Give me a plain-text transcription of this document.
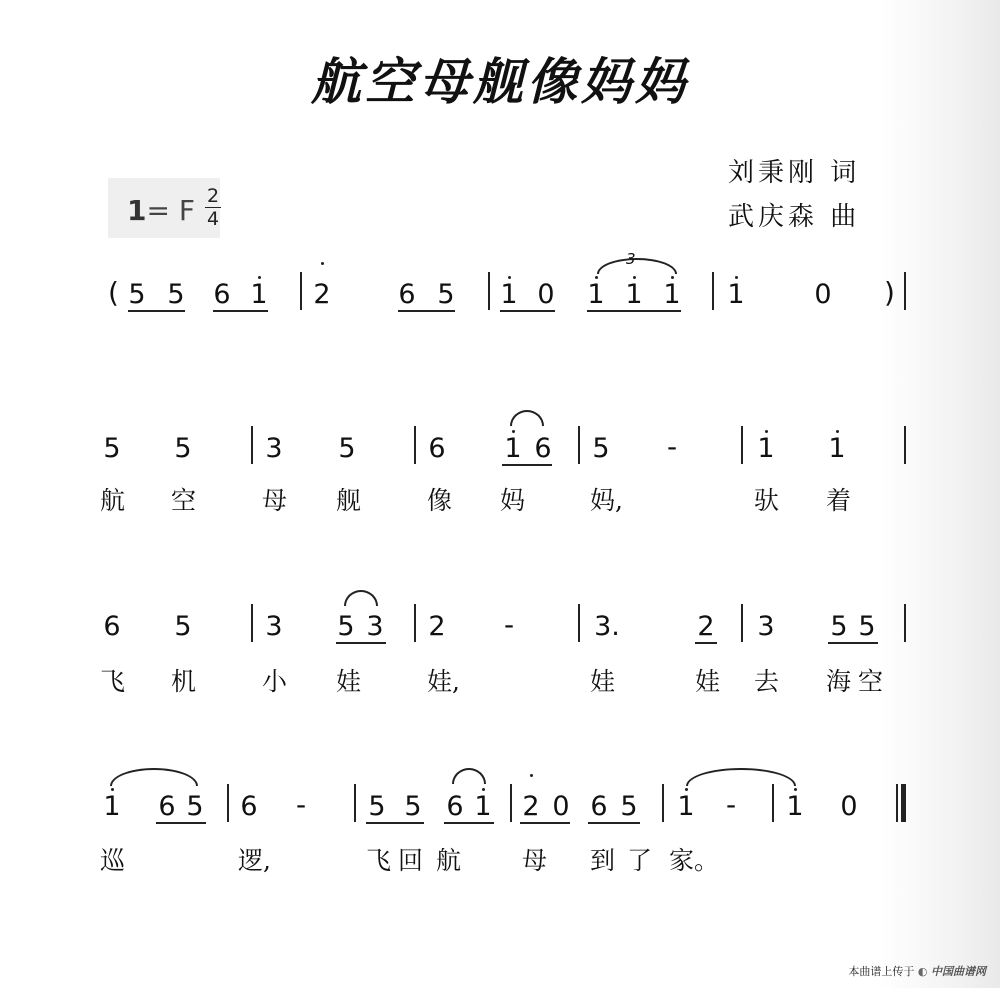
航空母舰像妈妈
刘秉刚 词
武庆森 曲
1= F 2
4
( 5 5 6 1 2	6 5 1 0 1 1 1
3
1	0 )
5 5	3 5	6 1 6 5 -	1 1
航 空	母 舰	像 妈	妈,	驮 着
6 5	3 5 3 2 -	3.	2 3 5 5
飞 机	小 娃	娃,	娃	娃 去 海 空
1 6 5 6 - 5 5 6 1 2 0 6 5 1 - 1 0
巡	逻,	飞 回 航 母 到 了 家。
本曲谱上传于 ◐ 中国曲谱网
